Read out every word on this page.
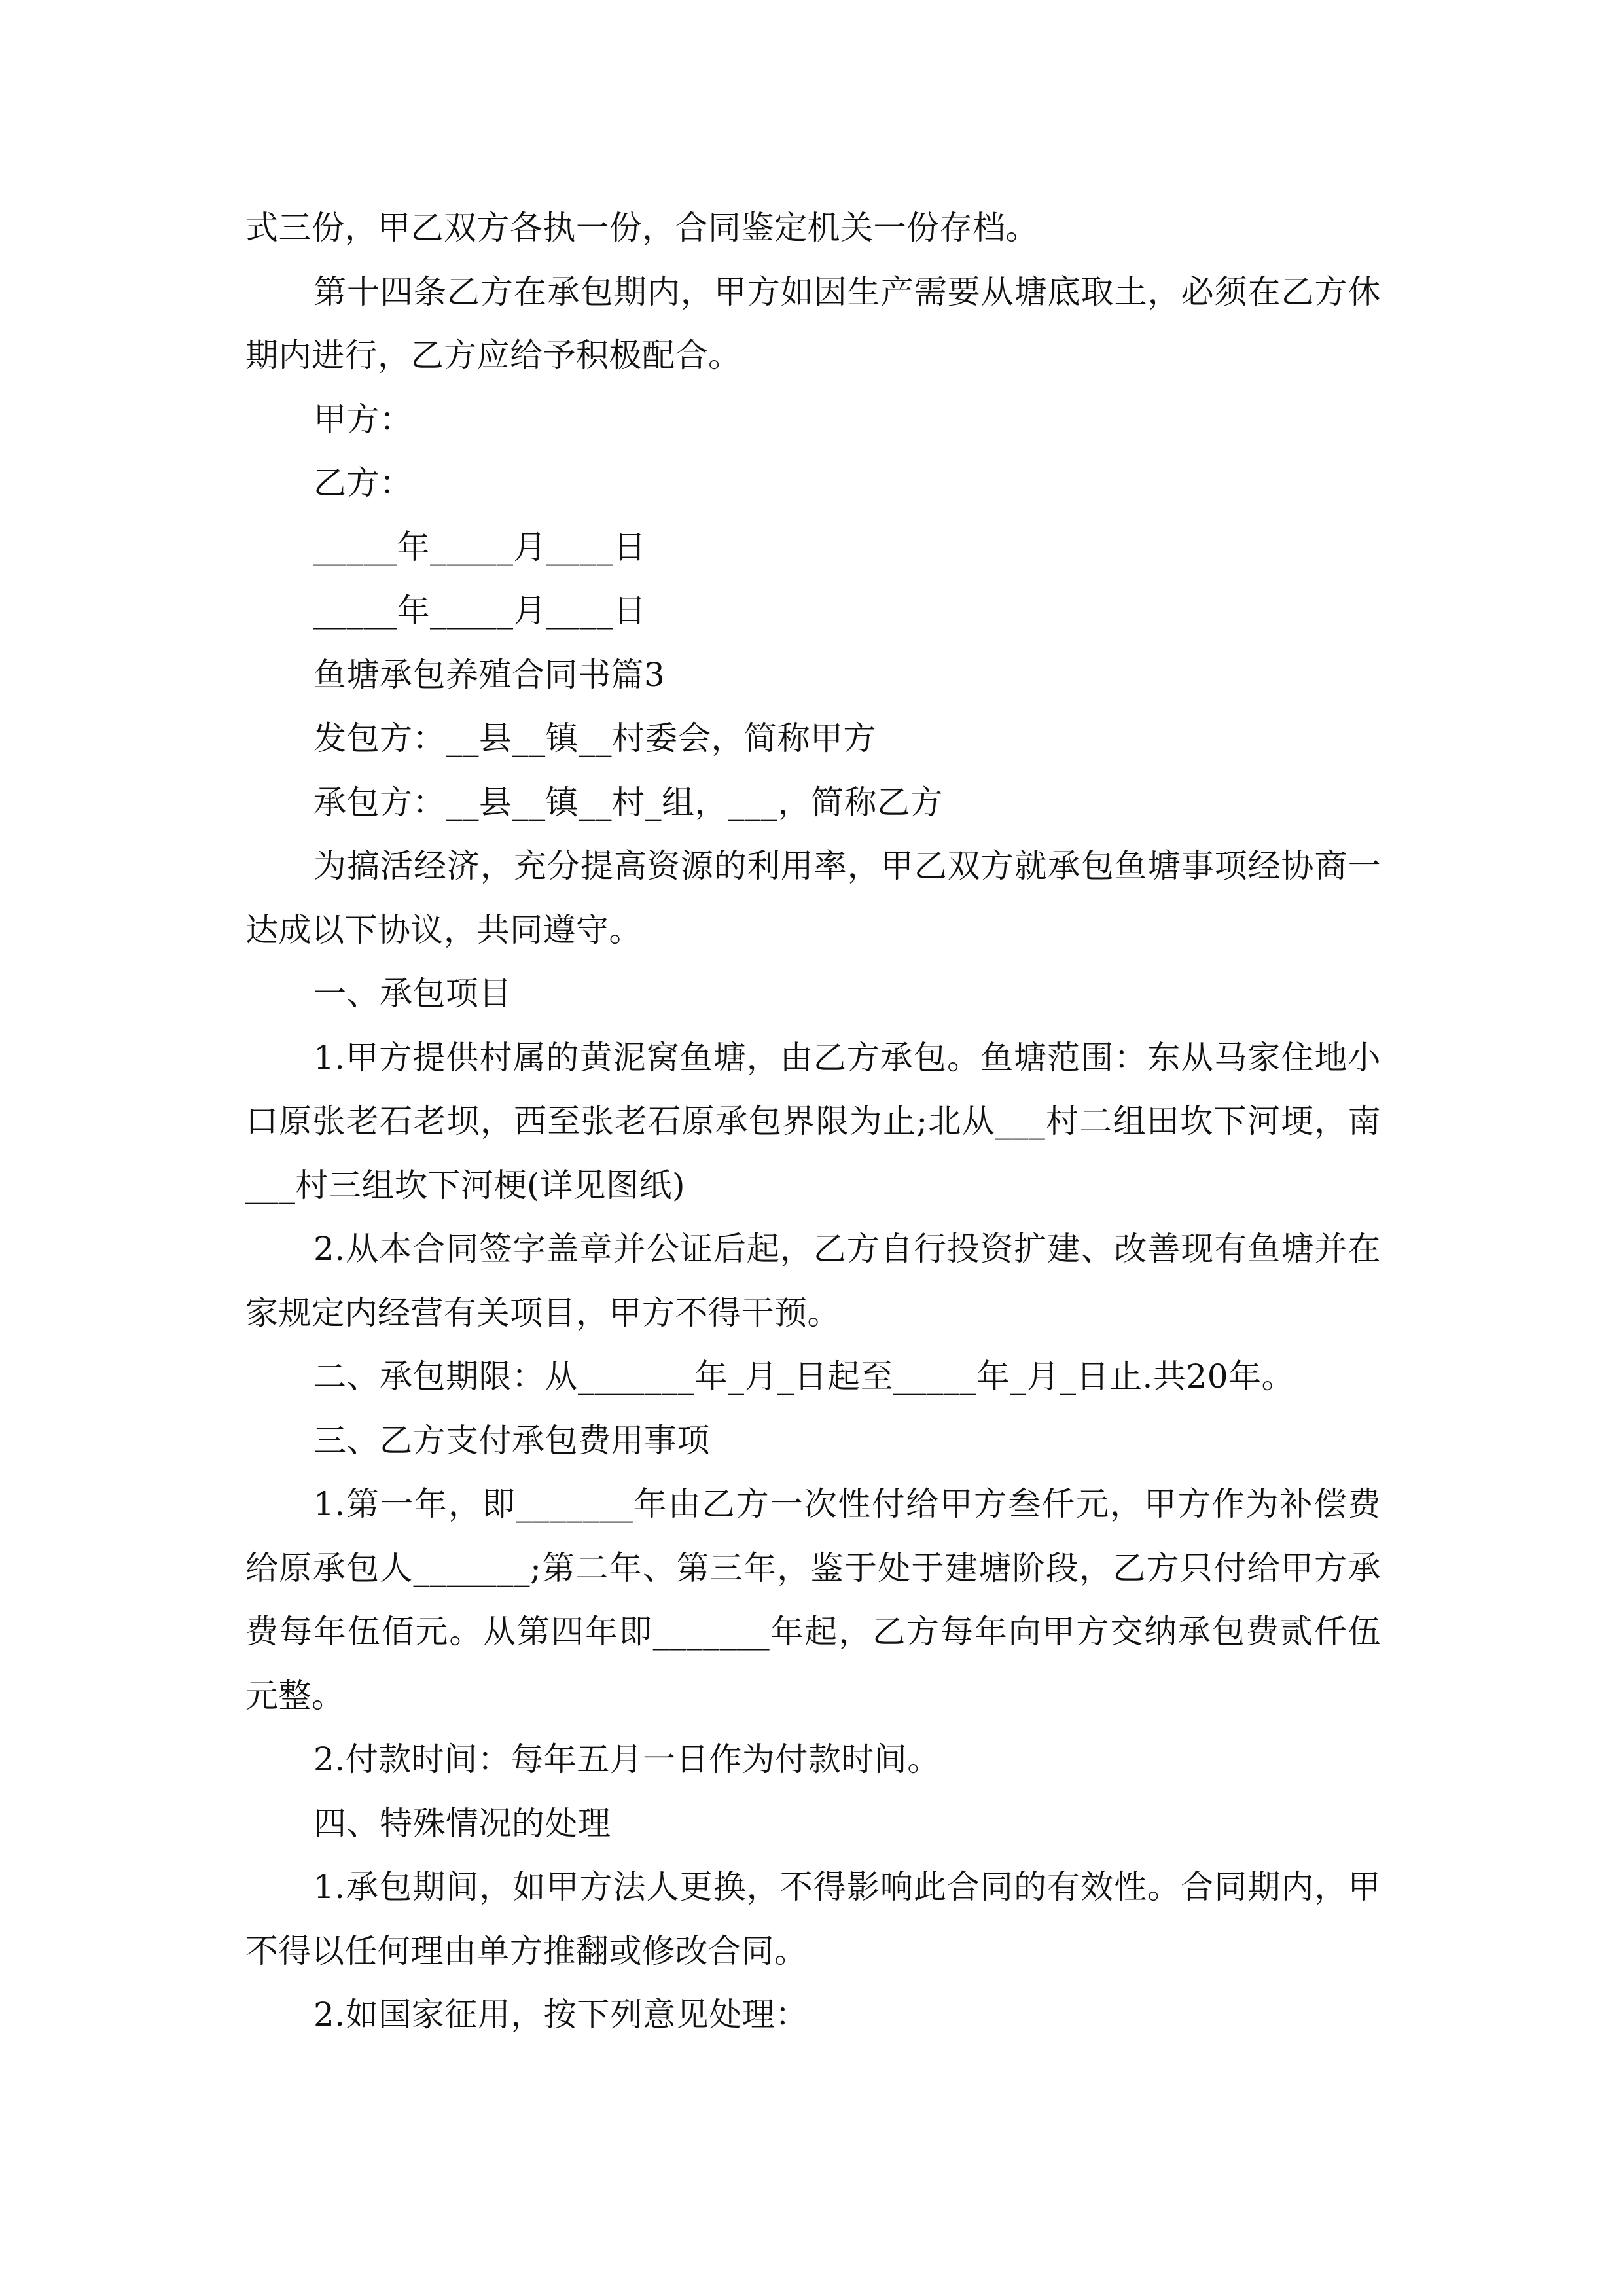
式三份，甲乙双方各执一份，合同鉴定机关一份存档。
第十四条乙方在承包期内，甲方如因生产需要从塘底取土，必须在乙方休
期内进行，乙方应给予积极配合。
甲方：
乙方：
_____年_____月____日
_____年_____月____日
鱼塘承包养殖合同书篇3
发包方：__县__镇__村委会，简称甲方
承包方：__县__镇__村_组，___，简称乙方
为搞活经济，充分提高资源的利用率，甲乙双方就承包鱼塘事项经协商一
达成以下协议，共同遵守。
一、承包项目
1.甲方提供村属的黄泥窝鱼塘，由乙方承包。鱼塘范围：东从马家住地小
口原张老石老坝，西至张老石原承包界限为止;北从___村二组田坎下河埂，南
___村三组坎下河梗(详见图纸)
2.从本合同签字盖章并公证后起，乙方自行投资扩建、改善现有鱼塘并在
家规定内经营有关项目，甲方不得干预。
二、承包期限：从_______年_月_日起至_____年_月_日止.共20年。
三、乙方支付承包费用事项
1.第一年，即_______年由乙方一次性付给甲方叁仟元，甲方作为补偿费
给原承包人_______;第二年、第三年，鉴于处于建塘阶段，乙方只付给甲方承
费每年伍佰元。从第四年即_______年起，乙方每年向甲方交纳承包费贰仟伍
元整。
2.付款时间：每年五月一日作为付款时间。
四、特殊情况的处理
1.承包期间，如甲方法人更换，不得影响此合同的有效性。合同期内，甲
不得以任何理由单方推翻或修改合同。
2.如国家征用，按下列意见处理：
